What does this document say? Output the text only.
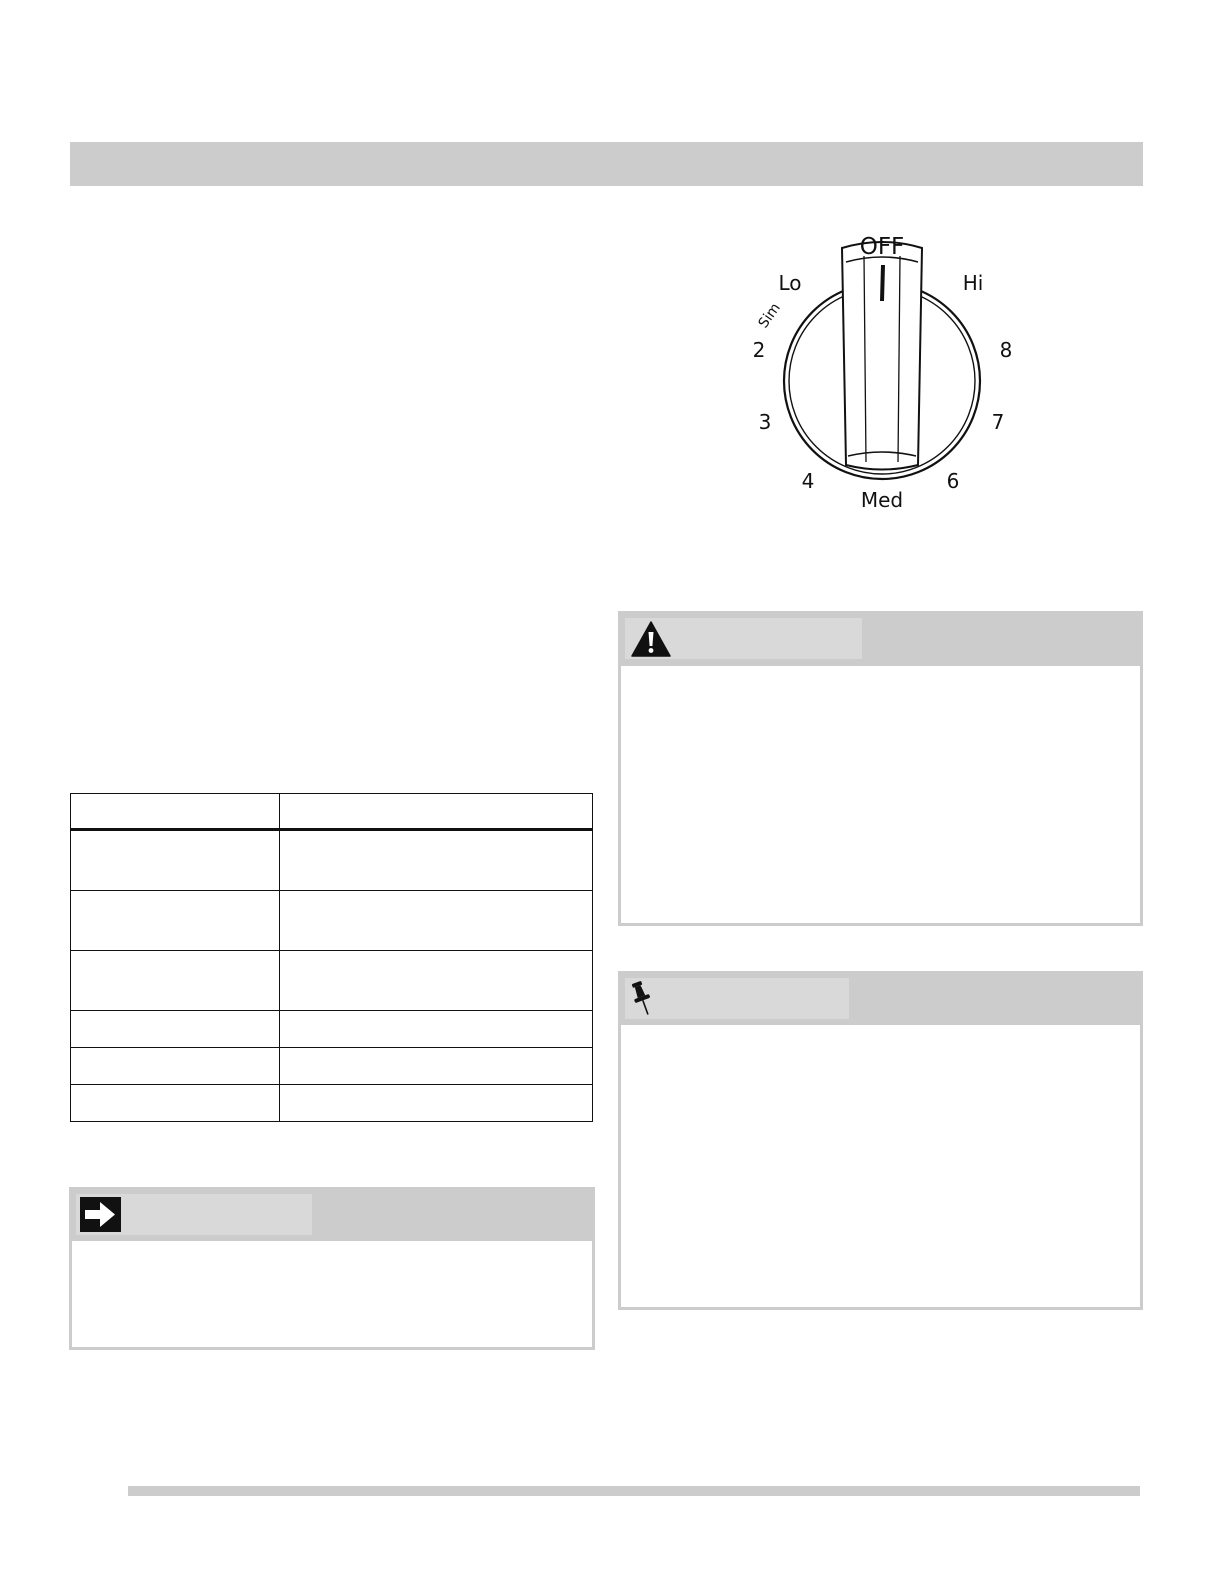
OFF
Lo
Sim
Hi
2	8
3	7
4	6
Med
